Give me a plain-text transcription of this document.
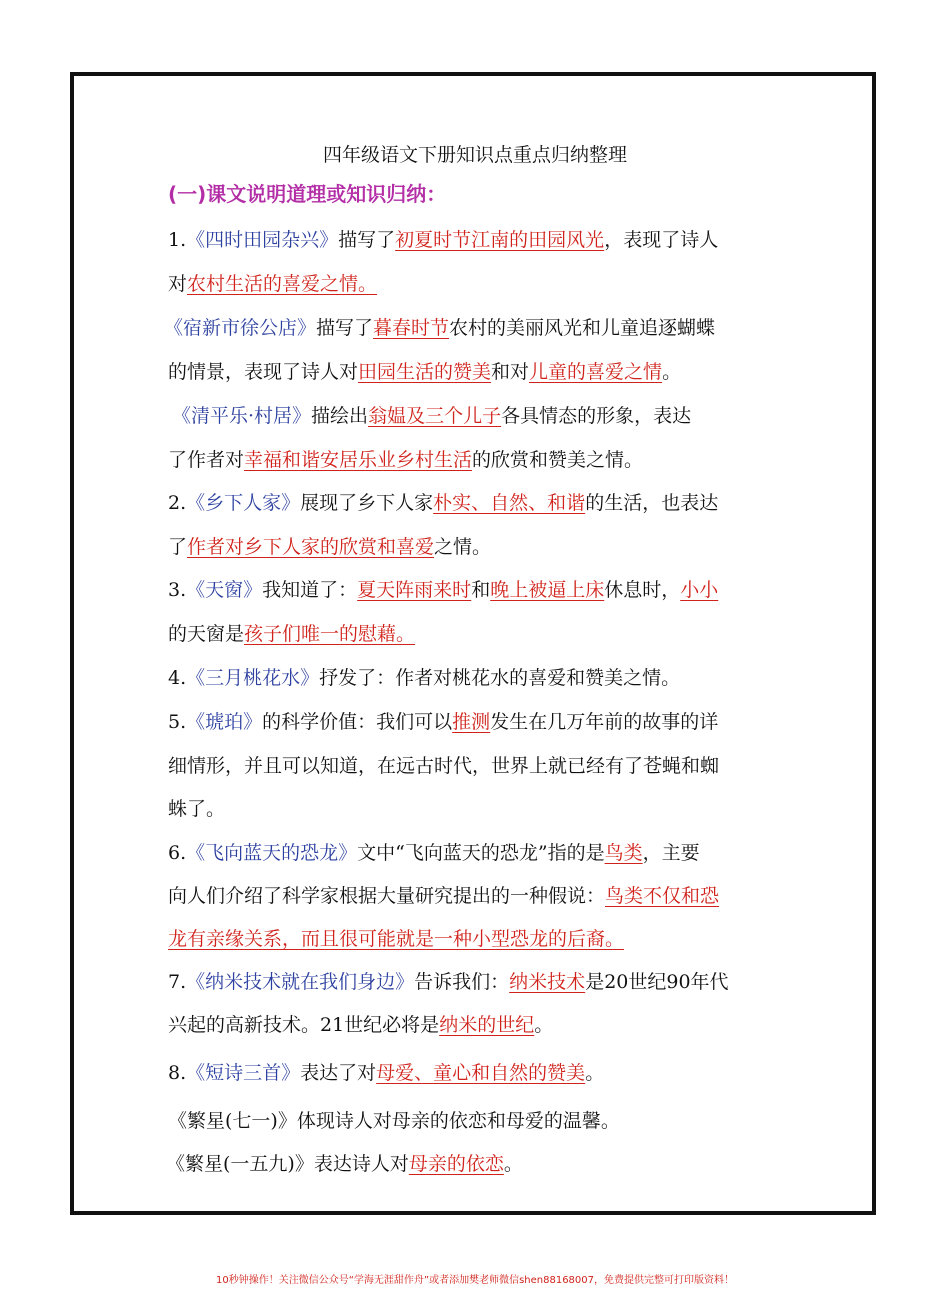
四年级语文下册知识点重点归纳整理
(一)课文说明道理或知识归纳：
1.《四时田园杂兴》描写了初夏时节江南的田园风光，表现了诗人
对农村生活的喜爱之情。
《宿新市徐公店》描写了暮春时节农村的美丽风光和儿童追逐蝴蝶
的情景，表现了诗人对田园生活的赞美和对儿童的喜爱之情。
《清平乐·村居》描绘出翁媪及三个儿子各具情态的形象，表达
了作者对幸福和谐安居乐业乡村生活的欣赏和赞美之情。
2.《乡下人家》展现了乡下人家朴实、自然、和谐的生活，也表达
了作者对乡下人家的欣赏和喜爱之情。
3.《天窗》我知道了：夏天阵雨来时和晚上被逼上床休息时，小小
的天窗是孩子们唯一的慰藉。
4.《三月桃花水》抒发了：作者对桃花水的喜爱和赞美之情。
5.《琥珀》的科学价值：我们可以推测发生在几万年前的故事的详
细情形，并且可以知道，在远古时代，世界上就已经有了苍蝇和蜘
蛛了。
6.《飞向蓝天的恐龙》文中“飞向蓝天的恐龙”指的是鸟类，主要
向人们介绍了科学家根据大量研究提出的一种假说：鸟类不仅和恐
龙有亲缘关系，而且很可能就是一种小型恐龙的后裔。
7.《纳米技术就在我们身边》告诉我们：纳米技术是20世纪90年代
兴起的高新技术。21世纪必将是纳米的世纪。
8.《短诗三首》表达了对母爱、童心和自然的赞美。
《繁星(七一)》体现诗人对母亲的依恋和母爱的温馨。
《繁星(一五九)》表达诗人对母亲的依恋。
10秒钟操作！关注微信公众号“学海无涯甜作舟”或者添加樊老师微信shen88168007，免费提供完整可打印版资料！
